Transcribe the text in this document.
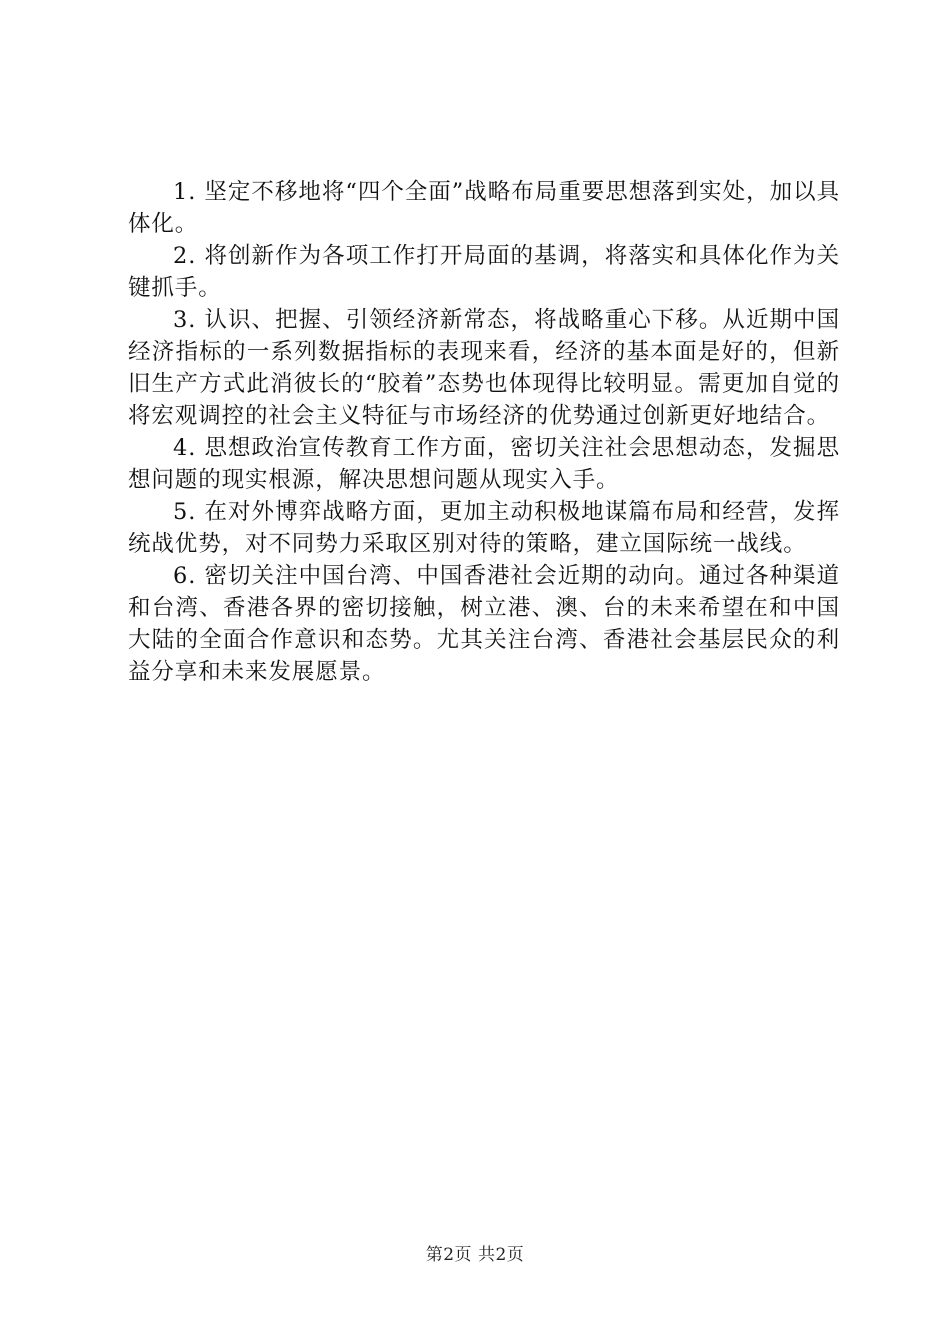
1. 坚定不移地将“四个全面”战略布局重要思想落到实处，加以具体化。

2. 将创新作为各项工作打开局面的基调，将落实和具体化作为关键抓手。

3. 认识、把握、引领经济新常态，将战略重心下移。从近期中国经济指标的一系列数据指标的表现来看，经济的基本面是好的，但新旧生产方式此消彼长的“胶着”态势也体现得比较明显。需更加自觉的将宏观调控的社会主义特征与市场经济的优势通过创新更好地结合。

4. 思想政治宣传教育工作方面，密切关注社会思想动态，发掘思想问题的现实根源，解决思想问题从现实入手。

5. 在对外博弈战略方面，更加主动积极地谋篇布局和经营，发挥统战优势，对不同势力采取区别对待的策略，建立国际统一战线。

6. 密切关注中国台湾、中国香港社会近期的动向。通过各种渠道和台湾、香港各界的密切接触，树立港、澳、台的未来希望在和中国大陆的全面合作意识和态势。尤其关注台湾、香港社会基层民众的利益分享和未来发展愿景。

第2页 共2页
